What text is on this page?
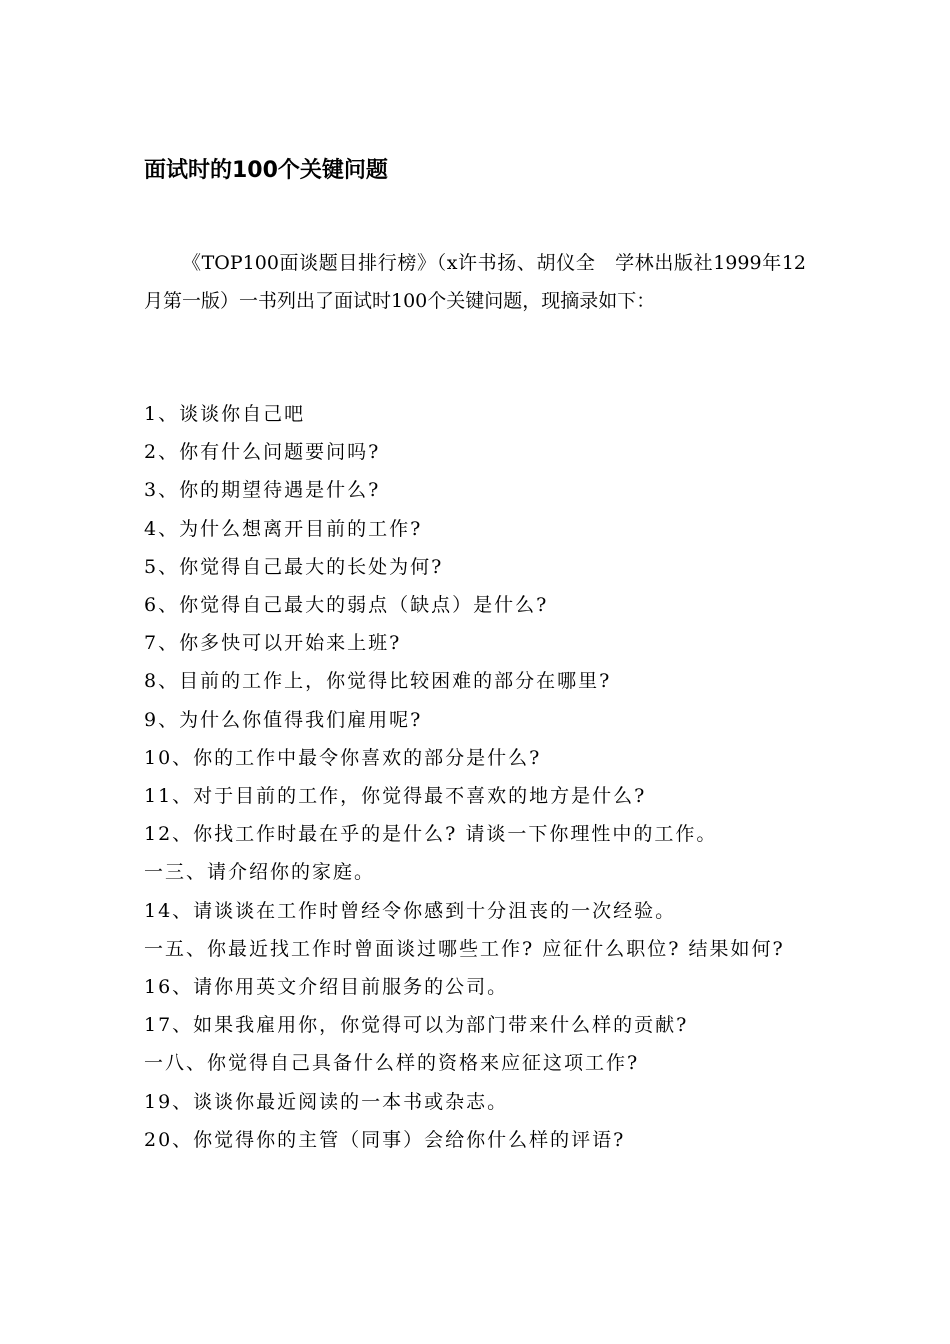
面试时的100个关键问题

《TOP100面谈题目排行榜》（x许书扬、胡仪全　学林出版社1999年12月第一版）一书列出了面试时100个关键问题，现摘录如下：

1、谈谈你自己吧
2、你有什么问题要问吗?
3、你的期望待遇是什么?
4、为什么想离开目前的工作?
5、你觉得自己最大的长处为何?
6、你觉得自己最大的弱点（缺点）是什么?
7、你多快可以开始来上班?
8、目前的工作上，你觉得比较困难的部分在哪里?
9、为什么你值得我们雇用呢?
10、你的工作中最令你喜欢的部分是什么?
11、对于目前的工作，你觉得最不喜欢的地方是什么?
12、你找工作时最在乎的是什么? 请谈一下你理性中的工作。
一三、请介绍你的家庭。
14、请谈谈在工作时曾经令你感到十分沮丧的一次经验。
一五、你最近找工作时曾面谈过哪些工作? 应征什么职位? 结果如何?
16、请你用英文介绍目前服务的公司。
17、如果我雇用你，你觉得可以为部门带来什么样的贡献?
一八、你觉得自己具备什么样的资格来应征这项工作?
19、谈谈你最近阅读的一本书或杂志。
20、你觉得你的主管（同事）会给你什么样的评语?
